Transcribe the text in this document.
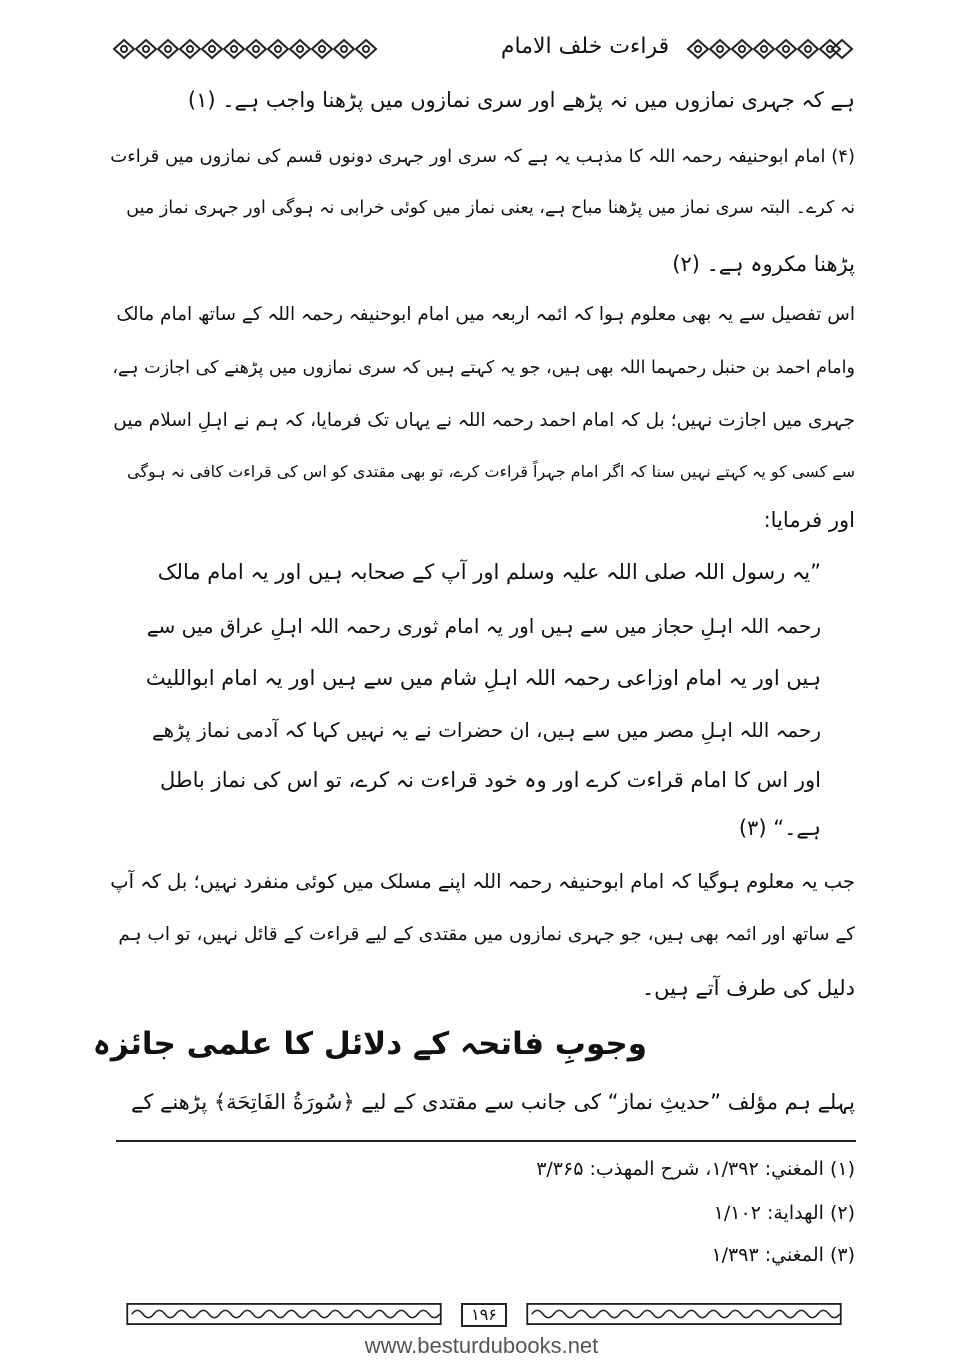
قراءت خلف الامام
ہے کہ جہری نمازوں میں نہ پڑھے اور سری نمازوں میں پڑھنا واجب ہے۔ (۱)
(۴) امام ابوحنیفہ رحمہ اللہ کا مذہب یہ ہے کہ سری اور جہری دونوں قسم کی نمازوں میں قراءت
نہ کرے۔ البتہ سری نماز میں پڑھنا مباح ہے، یعنی نماز میں کوئی خرابی نہ ہوگی اور جہری نماز میں
پڑھنا مکروہ ہے۔ (۲)
اس تفصیل سے یہ بھی معلوم ہوا کہ ائمہ اربعہ میں امام ابوحنیفہ رحمہ اللہ کے ساتھ امام مالک
وامام احمد بن حنبل رحمہما اللہ بھی ہیں، جو یہ کہتے ہیں کہ سری نمازوں میں پڑھنے کی اجازت ہے،
جہری میں اجازت نہیں؛ بل کہ امام احمد رحمہ اللہ نے یہاں تک فرمایا، کہ ہم نے اہلِ اسلام میں
سے کسی کو یہ کہتے نہیں سنا کہ اگر امام جہراً قراءت کرے، تو بھی مقتدی کو اس کی قراءت کافی نہ ہوگی
اور فرمایا:
”یہ رسول اللہ صلی اللہ علیہ وسلم اور آپ کے صحابہ ہیں اور یہ امام مالک
رحمہ اللہ اہلِ حجاز میں سے ہیں اور یہ امام ثوری رحمہ اللہ اہلِ عراق میں سے
ہیں اور یہ امام اوزاعی رحمہ اللہ اہلِ شام میں سے ہیں اور یہ امام ابوالليث
رحمہ اللہ اہلِ مصر میں سے ہیں، ان حضرات نے یہ نہیں کہا کہ آدمی نماز پڑھے
اور اس کا امام قراءت کرے اور وہ خود قراءت نہ کرے، تو اس کی نماز باطل
ہے۔“ (۳)
جب یہ معلوم ہوگیا کہ امام ابوحنیفہ رحمہ اللہ اپنے مسلک میں کوئی منفرد نہیں؛ بل کہ آپ
کے ساتھ اور ائمہ بھی ہیں، جو جہری نمازوں میں مقتدی کے لیے قراءت کے قائل نہیں، تو اب ہم
دلیل کی طرف آتے ہیں۔
وجوبِ فاتحہ کے دلائل کا علمی جائزہ
پہلے ہم مؤلف ”حدیثِ نماز“ کی جانب سے مقتدی کے لیے ﴿سُورَةُ الفَاتِحَة﴾ پڑھنے کے
(۱) المغني: ۱/۳۹۲، شرح المهذب: ۳/۳۶۵
(۲) الهداية: ۱/۱۰۲
(۳) المغني: ۱/۳۹۳
۱۹۶
www.besturdubooks.net
